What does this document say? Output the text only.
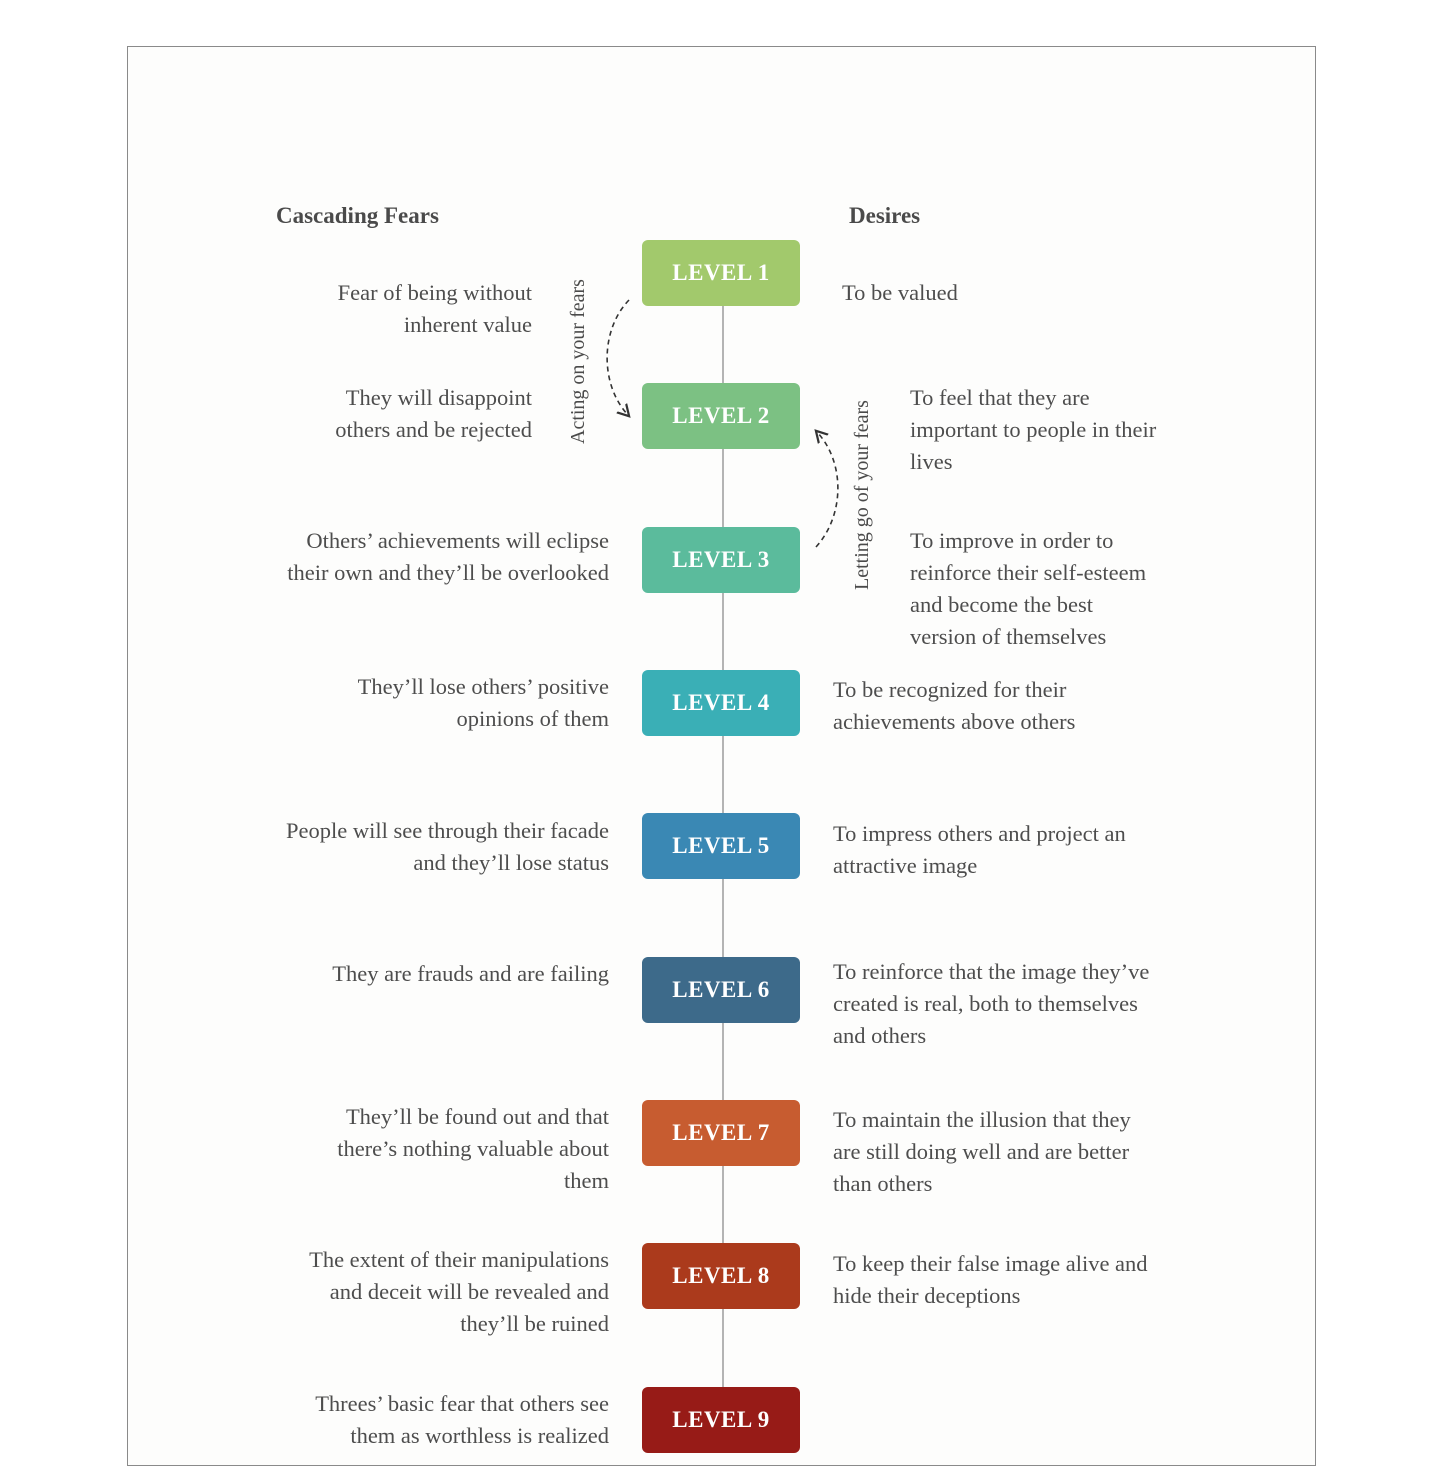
Cascading Fears	Desires
Acting on your fears
Letting go of your fears
LEVEL 1
Fear of being without
inherent value
To be valued
LEVEL 2
They will disappoint
others and be rejected
To feel that they are
important to people in their
lives
LEVEL 3
Others’ achievements will eclipse
their own and they’ll be overlooked
To improve in order to
reinforce their self-esteem
and become the best
version of themselves
LEVEL 4
They’ll lose others’ positive
opinions of them
To be recognized for their
achievements above others
LEVEL 5
People will see through their facade
and they’ll lose status
To impress others and project an
attractive image
LEVEL 6
They are frauds and are failing	To reinforce that the image they’ve
created is real, both to themselves
and others
LEVEL 7
They’ll be found out and that
there’s nothing valuable about
them
To maintain the illusion that they
are still doing well and are better
than others
LEVEL 8
The extent of their manipulations
and deceit will be revealed and
they’ll be ruined
To keep their false image alive and
hide their deceptions
LEVEL 9
Threes’ basic fear that others see
them as worthless is realized
